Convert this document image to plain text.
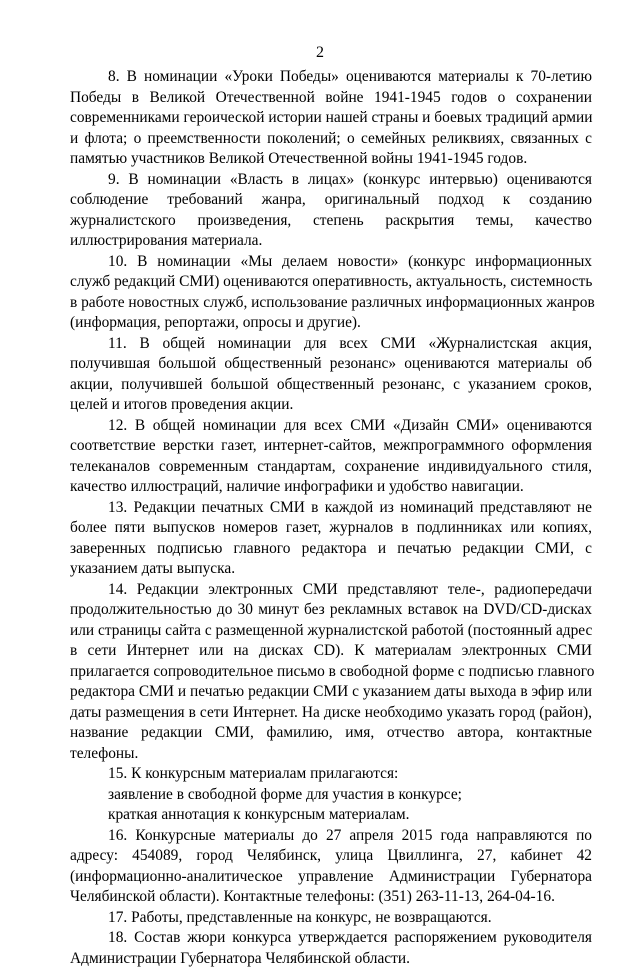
2
8. В номинации «Уроки Победы» оцениваются материалы к 70-летию
Победы в Великой Отечественной войне 1941-1945 годов о сохранении
современниками героической истории нашей страны и боевых традиций армии
и флота; о преемственности поколений; о семейных реликвиях, связанных с
памятью участников Великой Отечественной войны 1941-1945 годов.
9. В номинации «Власть в лицах» (конкурс интервью) оцениваются
соблюдение требований жанра, оригинальный подход к созданию
журналистского произведения, степень раскрытия темы, качество
иллюстрирования материала.
10. В номинации «Мы делаем новости» (конкурс информационных
служб редакций СМИ) оцениваются оперативность, актуальность, системность
в работе новостных служб, использование различных информационных жанров
(информация, репортажи, опросы и другие).
11. В общей номинации для всех СМИ «Журналистская акция,
получившая большой общественный резонанс» оцениваются материалы об
акции, получившей большой общественный резонанс, с указанием сроков,
целей и итогов проведения акции.
12. В общей номинации для всех СМИ «Дизайн СМИ» оцениваются
соответствие верстки газет, интернет-сайтов, межпрограммного оформления
телеканалов современным стандартам, сохранение индивидуального стиля,
качество иллюстраций, наличие инфографики и удобство навигации.
13. Редакции печатных СМИ в каждой из номинаций представляют не
более пяти выпусков номеров газет, журналов в подлинниках или копиях,
заверенных подписью главного редактора и печатью редакции СМИ, с
указанием даты выпуска.
14. Редакции электронных СМИ представляют теле-, радиопередачи
продолжительностью до 30 минут без рекламных вставок на DVD/CD-дисках
или страницы сайта с размещенной журналистской работой (постоянный адрес
в сети Интернет или на дисках CD). К материалам электронных СМИ
прилагается сопроводительное письмо в свободной форме с подписью главного
редактора СМИ и печатью редакции СМИ с указанием даты выхода в эфир или
даты размещения в сети Интернет. На диске необходимо указать город (район),
название редакции СМИ, фамилию, имя, отчество автора, контактные
телефоны.
15. К конкурсным материалам прилагаются:
заявление в свободной форме для участия в конкурсе;
краткая аннотация к конкурсным материалам.
16. Конкурсные материалы до 27 апреля 2015 года направляются по
адресу: 454089, город Челябинск, улица Цвиллинга, 27, кабинет 42
(информационно-аналитическое управление Администрации Губернатора
Челябинской области). Контактные телефоны: (351) 263-11-13, 264-04-16.
17. Работы, представленные на конкурс, не возвращаются.
18. Состав жюри конкурса утверждается распоряжением руководителя
Администрации Губернатора Челябинской области.
